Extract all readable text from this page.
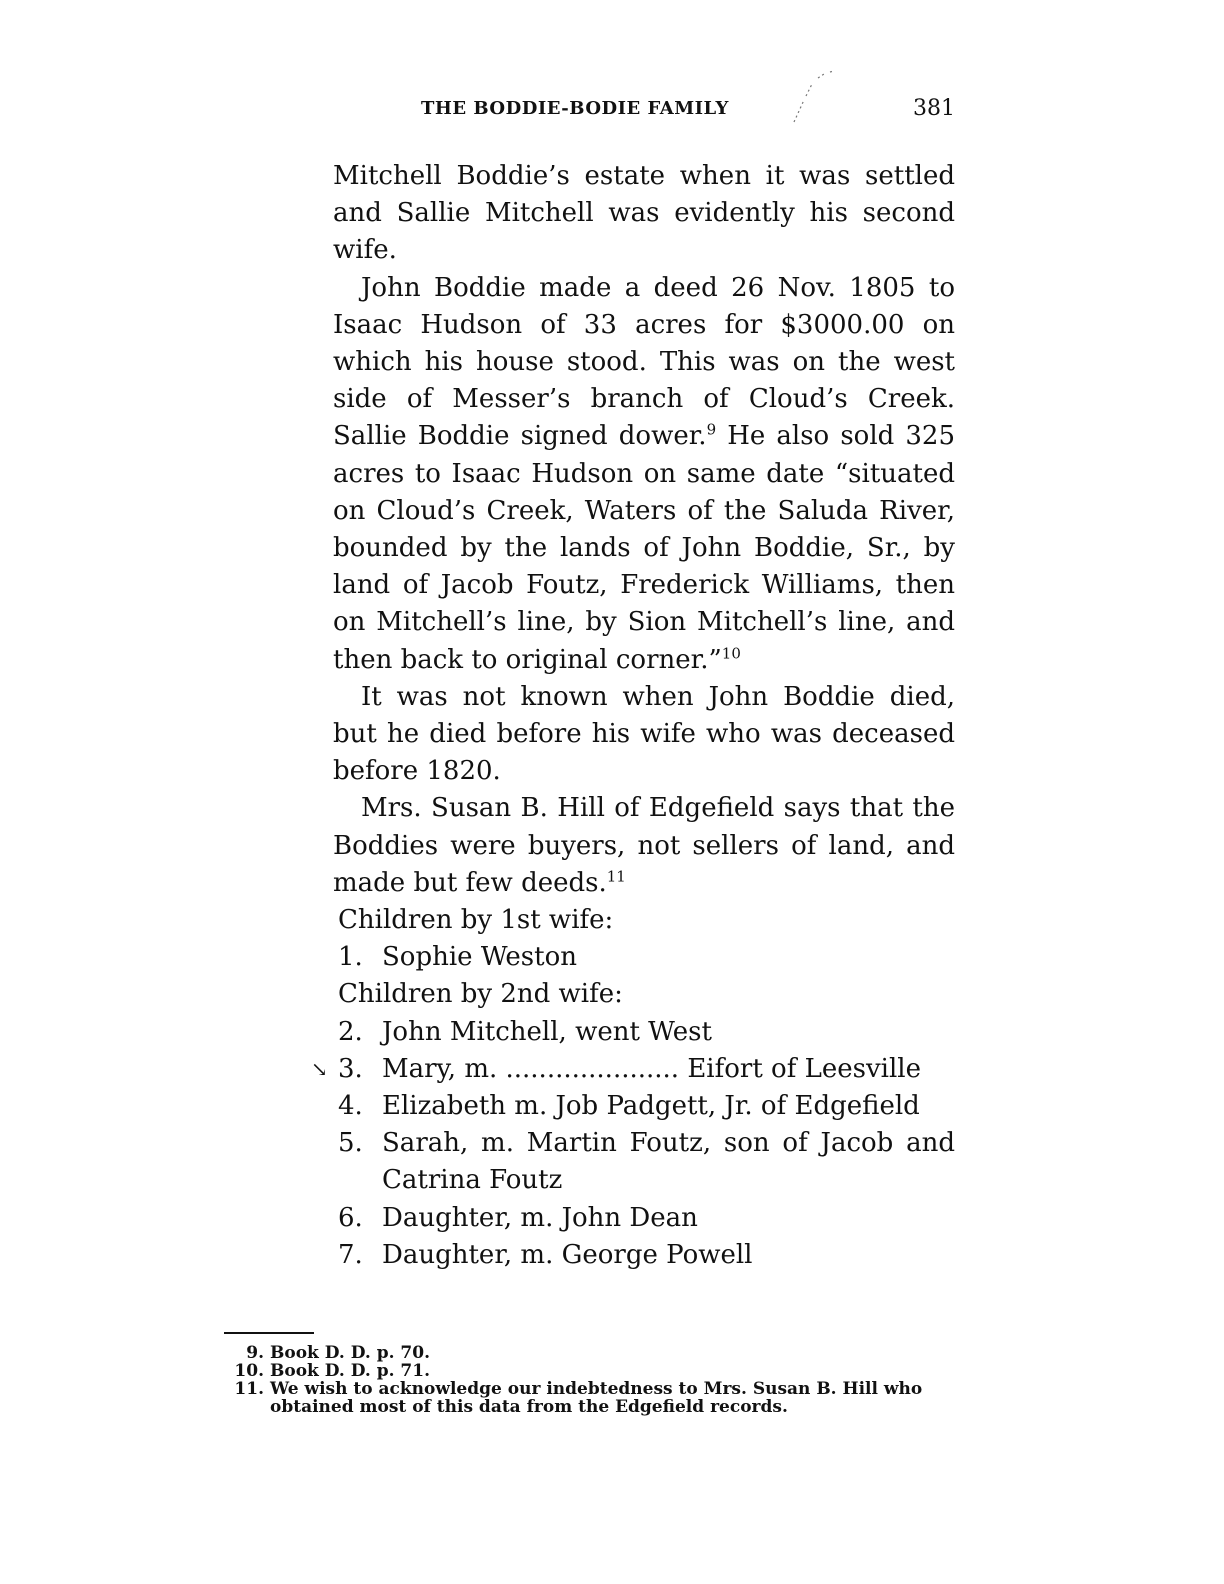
THE BODDIE-BODIE FAMILY	381

Mitchell Boddie’s estate when it was settled and Sallie Mitchell was evidently his second wife.

John Boddie made a deed 26 Nov. 1805 to Isaac Hudson of 33 acres for $3000.00 on which his house stood. This was on the west side of Messer’s branch of Cloud’s Creek. Sallie Boddie signed dower.$^9$ He also sold 325 acres to Isaac Hudson on same date “situated on Cloud’s Creek, Waters of the Saluda River, bounded by the lands of John Boddie, Sr., by land of Jacob Foutz, Frederick Williams, then on Mitchell’s line, by Sion Mitchell’s line, and then back to original corner.”$^{10}$

It was not known when John Boddie died, but he died before his wife who was deceased before 1820.

Mrs. Susan B. Hill of Edgefield says that the Boddies were buyers, not sellers of land, and made but few deeds.$^{11}$

Children by 1st wife:

1. Sophie Weston

Children by 2nd wife:

2. John Mitchell, went West
↘ 3. Mary, m. ..................... Eifort of Leesville
4. Elizabeth m. Job Padgett, Jr. of Edgefield
5. Sarah, m. Martin Foutz, son of Jacob and Catrina Foutz
6. Daughter, m. John Dean
7. Daughter, m. George Powell
9. Book D. D. p. 70.
10. Book D. D. p. 71.
11. We wish to acknowledge our indebtedness to Mrs. Susan B. Hill who obtained most of this data from the Edgefield records.
